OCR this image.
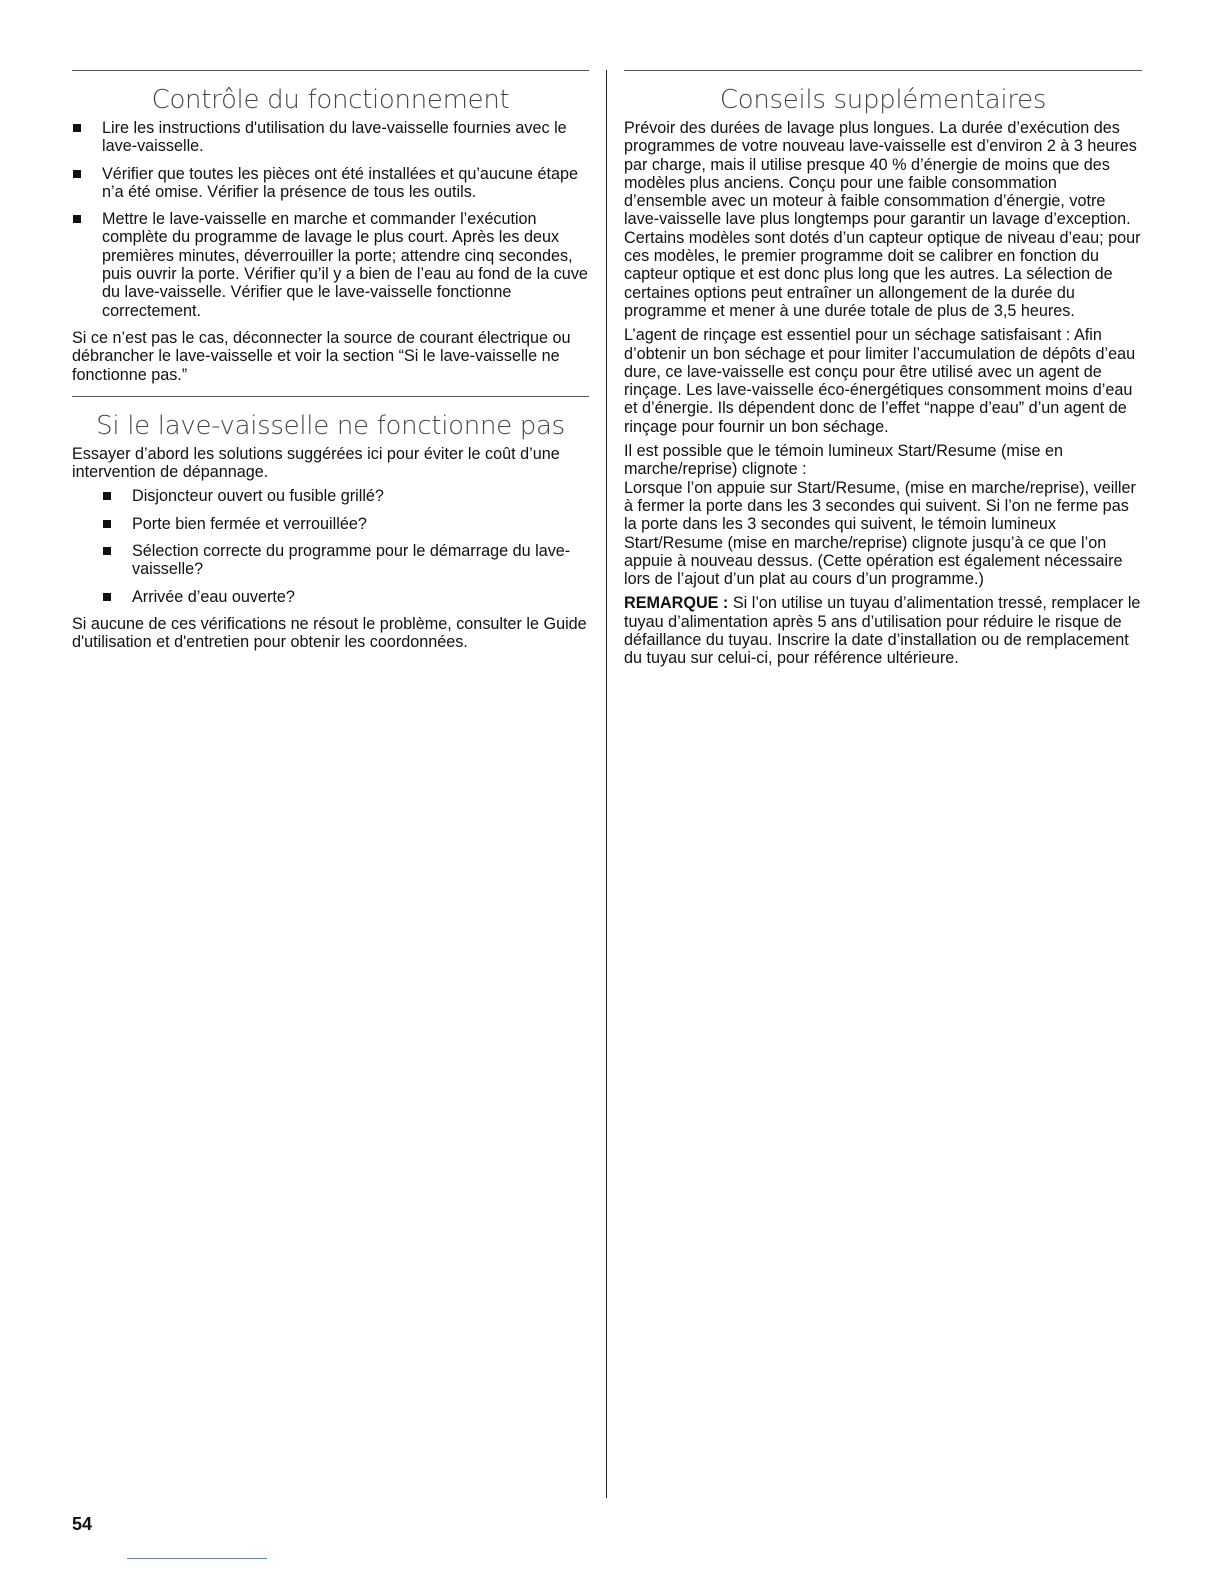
Contrôle du fonctionnement
Lire les instructions d'utilisation du lave-vaisselle fournies avec le lave-vaisselle.
Vérifier que toutes les pièces ont été installées et qu’aucune étape n’a été omise. Vérifier la présence de tous les outils.
Mettre le lave-vaisselle en marche et commander l’exécution complète du programme de lavage le plus court. Après les deux premières minutes, déverrouiller la porte; attendre cinq secondes, puis ouvrir la porte. Vérifier qu’il y a bien de l’eau au fond de la cuve du lave-vaisselle. Vérifier que le lave-vaisselle fonctionne correctement.

Si ce n’est pas le cas, déconnecter la source de courant électrique ou débrancher le lave-vaisselle et voir la section “Si le lave-vaisselle ne fonctionne pas.”

Si le lave-vaisselle ne fonctionne pas

Essayer d’abord les solutions suggérées ici pour éviter le coût d’une intervention de dépannage.

Disjoncteur ouvert ou fusible grillé?
Porte bien fermée et verrouillée?
Sélection correcte du programme pour le démarrage du lave-vaisselle?
Arrivée d’eau ouverte?

Si aucune de ces vérifications ne résout le problème, consulter le Guide d'utilisation et d'entretien pour obtenir les coordonnées.

Conseils supplémentaires

Prévoir des durées de lavage plus longues. La durée d’exécution des programmes de votre nouveau lave-vaisselle est d’environ 2 à 3 heures par charge, mais il utilise presque 40 % d’énergie de moins que des modèles plus anciens. Conçu pour une faible consommation d’ensemble avec un moteur à faible consommation d’énergie, votre lave-vaisselle lave plus longtemps pour garantir un lavage d’exception. Certains modèles sont dotés d’un capteur optique de niveau d’eau; pour ces modèles, le premier programme doit se calibrer en fonction du capteur optique et est donc plus long que les autres. La sélection de certaines options peut entraîner un allongement de la durée du programme et mener à une durée totale de plus de 3,5 heures.

L’agent de rinçage est essentiel pour un séchage satisfaisant : Afin d’obtenir un bon séchage et pour limiter l’accumulation de dépôts d’eau dure, ce lave-vaisselle est conçu pour être utilisé avec un agent de rinçage. Les lave-vaisselle éco-énergétiques consomment moins d’eau et d’énergie. Ils dépendent donc de l’effet “nappe d’eau” d’un agent de rinçage pour fournir un bon séchage.

Il est possible que le témoin lumineux Start/Resume (mise en marche/reprise) clignote :

Lorsque l’on appuie sur Start/Resume, (mise en marche/reprise), veiller à fermer la porte dans les 3 secondes qui suivent. Si l’on ne ferme pas la porte dans les 3 secondes qui suivent, le témoin lumineux Start/Resume (mise en marche/reprise) clignote jusqu’à ce que l’on appuie à nouveau dessus. (Cette opération est également nécessaire lors de l’ajout d’un plat au cours d’un programme.)

REMARQUE : Si l’on utilise un tuyau d’alimentation tressé, remplacer le tuyau d’alimentation après 5 ans d’utilisation pour réduire le risque de défaillance du tuyau. Inscrire la date d’installation ou de remplacement du tuyau sur celui-ci, pour référence ultérieure.

54
